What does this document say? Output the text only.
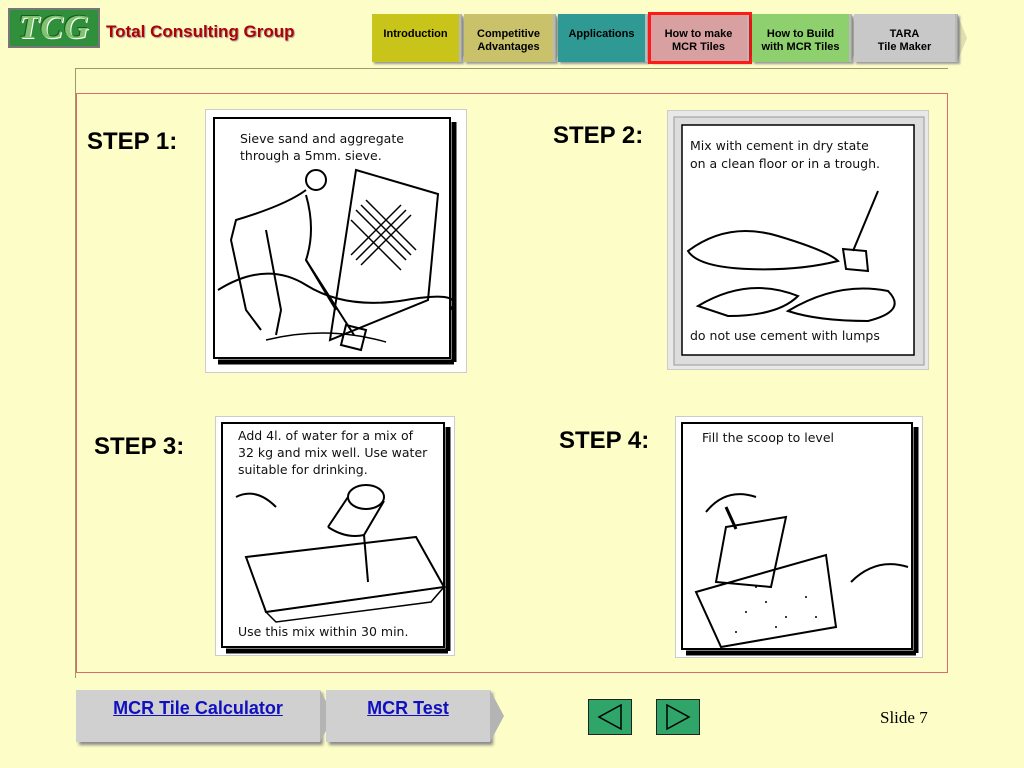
TCG Total Consulting Group	Introduction	Competitive
Advantages
Applications	How to make
MCR Tiles
How to Build
with MCR Tiles
TARA
Tile Maker
STEP 1:	Sieve sand and aggregate
through a 5mm. sieve.
STEP 2:	Mix with cement in dry state
on a clean floor or in a trough.
do not use cement with lumps
STEP 3:	Add 4l. of water for a mix of
32 kg and mix well. Use water
suitable for drinking.
Use this mix within 30 min.
STEP 4:	Fill the scoop to level
MCR Tile Calculator	MCR Test	Slide 7
